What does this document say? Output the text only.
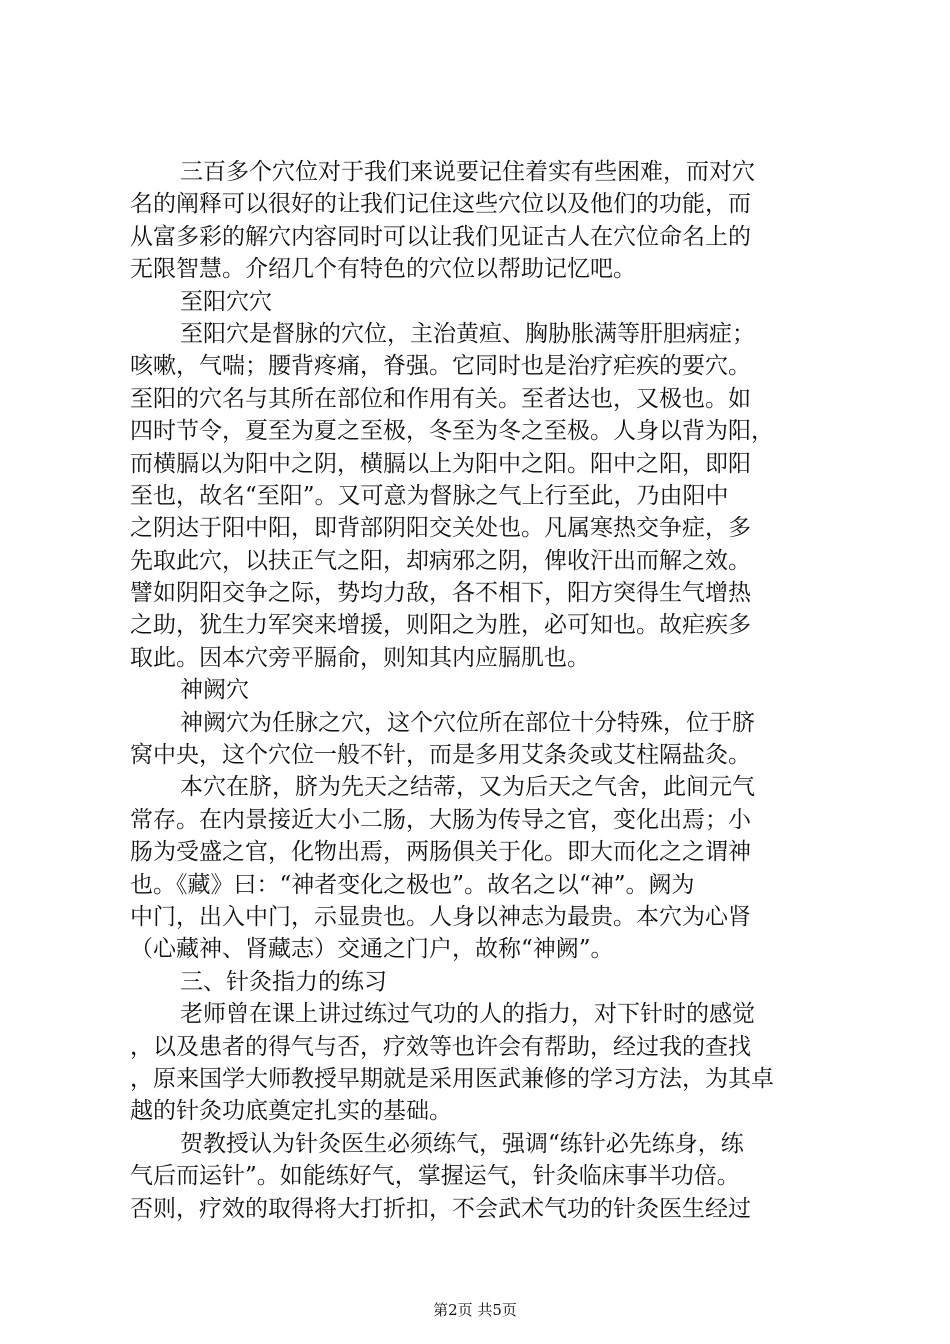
三百多个穴位对于我们来说要记住着实有些困难，而对穴
名的阐释可以很好的让我们记住这些穴位以及他们的功能，而
从富多彩的解穴内容同时可以让我们见证古人在穴位命名上的
无限智慧。介绍几个有特色的穴位以帮助记忆吧。
至阳穴穴
至阳穴是督脉的穴位，主治黄疸、胸胁胀满等肝胆病症；
咳嗽，气喘；腰背疼痛，脊强。它同时也是治疗疟疾的要穴。
至阳的穴名与其所在部位和作用有关。至者达也，又极也。如
四时节令，夏至为夏之至极，冬至为冬之至极。人身以背为阳，
而横膈以为阳中之阴，横膈以上为阳中之阳。阳中之阳，即阳
至也，故名“至阳”。又可意为督脉之气上行至此，乃由阳中
之阴达于阳中阳，即背部阴阳交关处也。凡属寒热交争症，多
先取此穴，以扶正气之阳，却病邪之阴，俾收汗出而解之效。
譬如阴阳交争之际，势均力敌，各不相下，阳方突得生气增热
之助，犹生力军突来增援，则阳之为胜，必可知也。故疟疾多
取此。因本穴旁平膈俞，则知其内应膈肌也。
神阙穴
神阙穴为任脉之穴，这个穴位所在部位十分特殊，位于脐
窝中央，这个穴位一般不针，而是多用艾条灸或艾柱隔盐灸。
本穴在脐，脐为先天之结蒂，又为后天之气舍，此间元气
常存。在内景接近大小二肠，大肠为传导之官，变化出焉；小
肠为受盛之官，化物出焉，两肠俱关于化。即大而化之之谓神
也。《藏》曰：“神者变化之极也”。故名之以“神”。阙为
中门，出入中门，示显贵也。人身以神志为最贵。本穴为心肾
（心藏神、肾藏志）交通之门户，故称“神阙”。
三、针灸指力的练习
老师曾在课上讲过练过气功的人的指力，对下针时的感觉
，以及患者的得气与否，疗效等也许会有帮助，经过我的查找
，原来国学大师教授早期就是采用医武兼修的学习方法，为其卓
越的针灸功底奠定扎实的基础。
贺教授认为针灸医生必须练气，强调“练针必先练身，练
气后而运针”。如能练好气，掌握运气，针灸临床事半功倍。
否则，疗效的取得将大打折扣，不会武术气功的针灸医生经过
第2页 共5页
